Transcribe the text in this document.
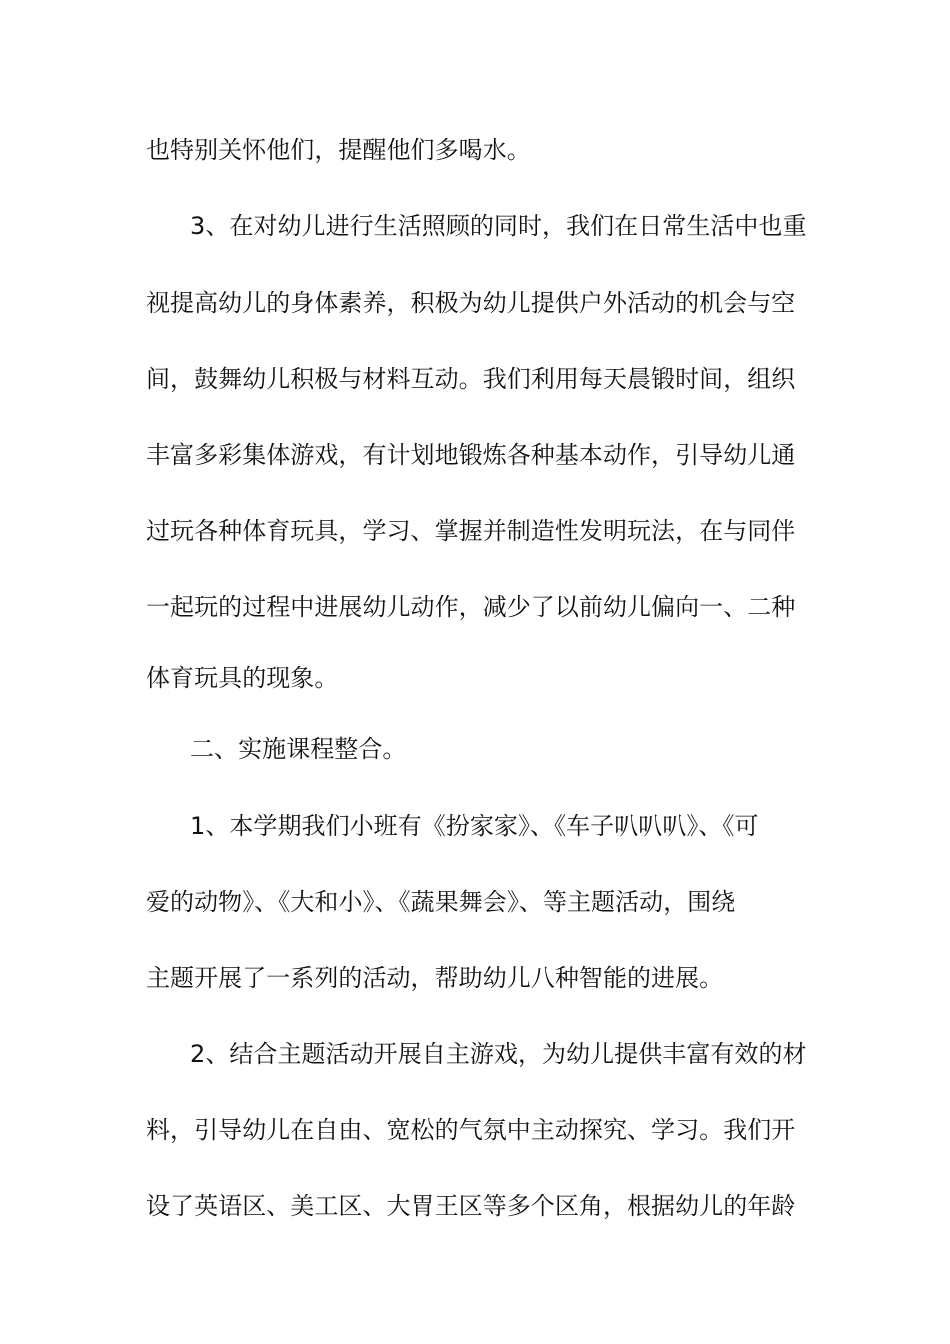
也特别关怀他们，提醒他们多喝水。
3、在对幼儿进行生活照顾的同时，我们在日常生活中也重
视提高幼儿的身体素养，积极为幼儿提供户外活动的机会与空
间，鼓舞幼儿积极与材料互动。我们利用每天晨锻时间，组织
丰富多彩集体游戏，有计划地锻炼各种基本动作，引导幼儿通
过玩各种体育玩具，学习、掌握并制造性发明玩法，在与同伴
一起玩的过程中进展幼儿动作，减少了以前幼儿偏向一、二种
体育玩具的现象。
二、实施课程整合。
1、本学期我们小班有《扮家家》、《车子叭叭叭》、《可
爱的动物》、《大和小》、《蔬果舞会》、等主题活动，围绕
主题开展了一系列的活动，帮助幼儿八种智能的进展。
2、结合主题活动开展自主游戏，为幼儿提供丰富有效的材
料，引导幼儿在自由、宽松的气氛中主动探究、学习。我们开
设了英语区、美工区、大胃王区等多个区角，根据幼儿的年龄
